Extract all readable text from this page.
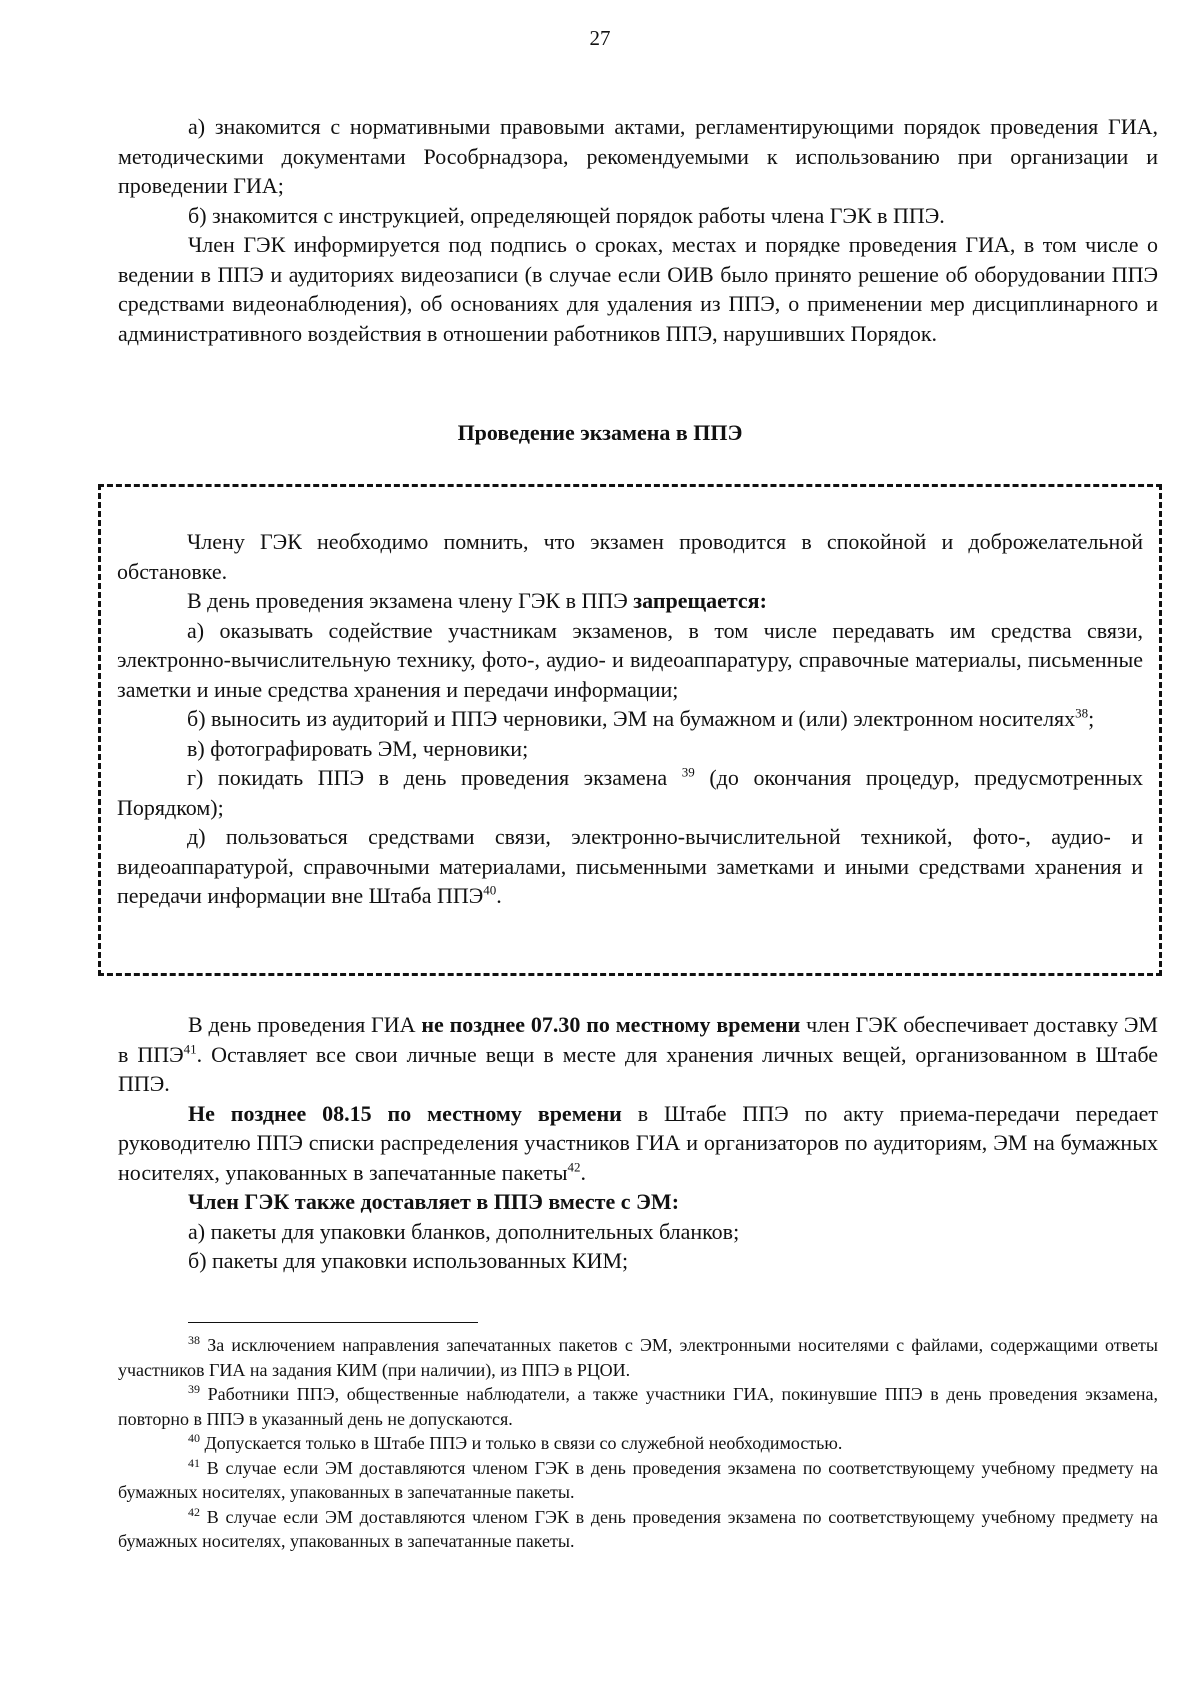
27

а) знакомится с нормативными правовыми актами, регламентирующими порядок проведения ГИА, методическими документами Рособрнадзора, рекомендуемыми к использованию при организации и проведении ГИА;

б) знакомится с инструкцией, определяющей порядок работы члена ГЭК в ППЭ.

Член ГЭК информируется под подпись о сроках, местах и порядке проведения ГИА, в том числе о ведении в ППЭ и аудиториях видеозаписи (в случае если ОИВ было принято решение об оборудовании ППЭ средствами видеонаблюдения), об основаниях для удаления из ППЭ, о применении мер дисциплинарного и административного воздействия в отношении работников ППЭ, нарушивших Порядок.

Проведение экзамена в ППЭ

Члену ГЭК необходимо помнить, что экзамен проводится в спокойной и доброжелательной обстановке.

В день проведения экзамена члену ГЭК в ППЭ запрещается:

а) оказывать содействие участникам экзаменов, в том числе передавать им средства связи, электронно-вычислительную технику, фото-, аудио- и видеоаппаратуру, справочные материалы, письменные заметки и иные средства хранения и передачи информации;

б) выносить из аудиторий и ППЭ черновики, ЭМ на бумажном и (или) электронном носителях$^{38}$;

в) фотографировать ЭМ, черновики;

г) покидать ППЭ в день проведения экзамена $^{39}$ (до окончания процедур, предусмотренных Порядком);

д) пользоваться средствами связи, электронно-вычислительной техникой, фото-, аудио- и видеоаппаратурой, справочными материалами, письменными заметками и иными средствами хранения и передачи информации вне Штаба ППЭ$^{40}$.

В день проведения ГИА не позднее 07.30 по местному времени член ГЭК обеспечивает доставку ЭМ в ППЭ$^{41}$. Оставляет все свои личные вещи в месте для хранения личных вещей, организованном в Штабе ППЭ.

Не позднее 08.15 по местному времени в Штабе ППЭ по акту приема-передачи передает руководителю ППЭ списки распределения участников ГИА и организаторов по аудиториям, ЭМ на бумажных носителях, упакованных в запечатанные пакеты$^{42}$.

Член ГЭК также доставляет в ППЭ вместе с ЭМ:

а) пакеты для упаковки бланков, дополнительных бланков;

б) пакеты для упаковки использованных КИМ;

$^{38}$ За исключением направления запечатанных пакетов с ЭМ, электронными носителями с файлами, содержащими ответы участников ГИА на задания КИМ (при наличии), из ППЭ в РЦОИ.

$^{39}$ Работники ППЭ, общественные наблюдатели, а также участники ГИА, покинувшие ППЭ в день проведения экзамена, повторно в ППЭ в указанный день не допускаются.

$^{40}$ Допускается только в Штабе ППЭ и только в связи со служебной необходимостью.

$^{41}$ В случае если ЭМ доставляются членом ГЭК в день проведения экзамена по соответствующему учебному предмету на бумажных носителях, упакованных в запечатанные пакеты.

$^{42}$ В случае если ЭМ доставляются членом ГЭК в день проведения экзамена по соответствующему учебному предмету на бумажных носителях, упакованных в запечатанные пакеты.
